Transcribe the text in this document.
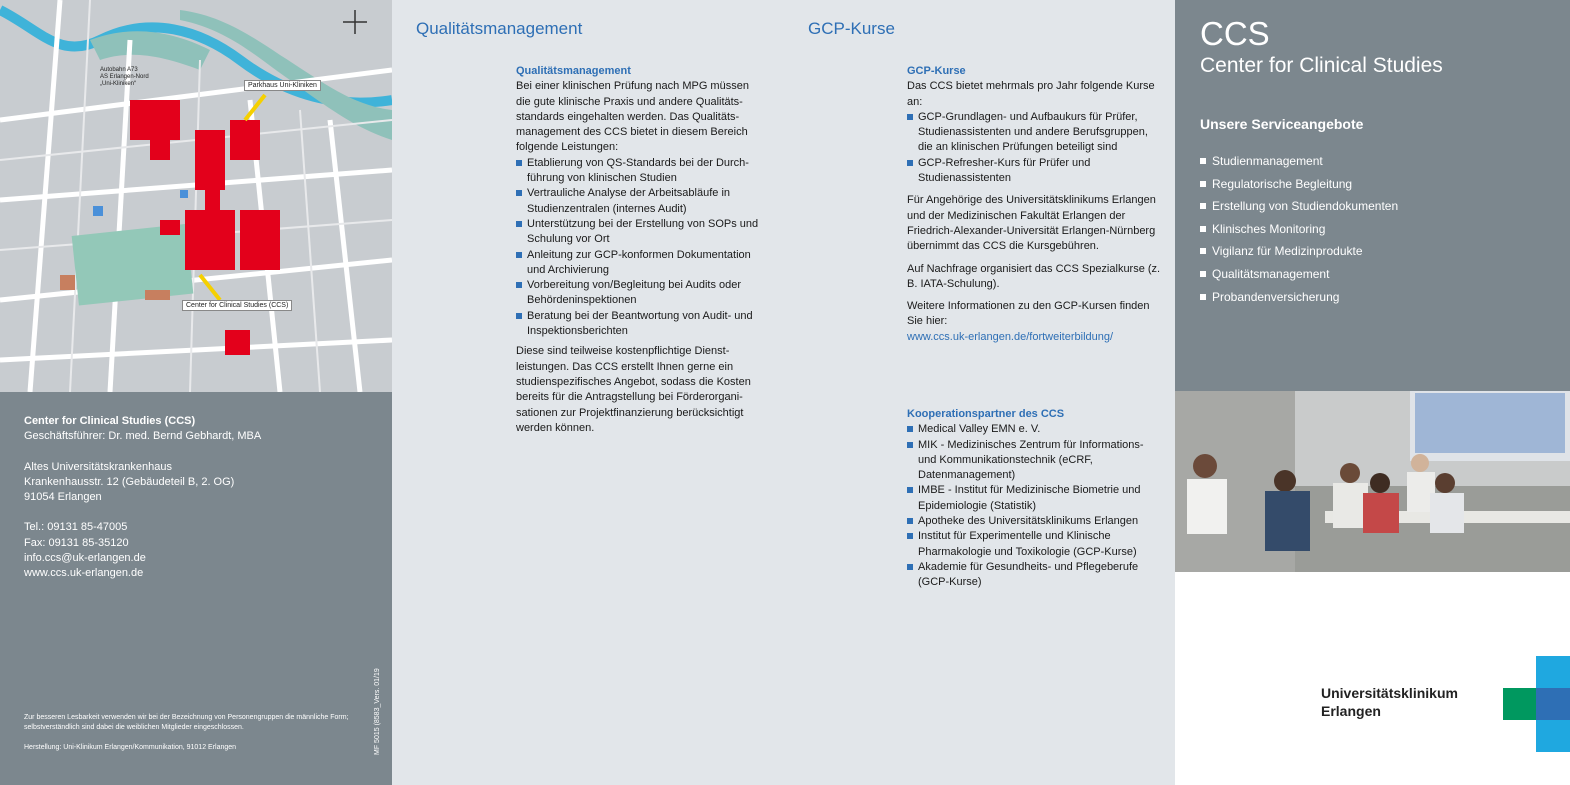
Autobahn A73
AS Erlangen-Nord
„Uni-Kliniken“	Parkhaus Uni-Kliniken
Center for Clinical Studies (CCS)
Center for Clinical Studies (CCS)
Geschäftsführer: Dr. med. Bernd Gebhardt, MBA
Altes Universitätskrankenhaus
Krankenhausstr. 12 (Gebäudeteil B, 2. OG)
91054 Erlangen
Tel.: 09131 85-47005
Fax: 09131 85-35120
info.ccs@uk-erlangen.de
www.ccs.uk-erlangen.de

Zur besseren Lesbarkeit verwenden wir bei der Bezeichnung von Personengruppen die männliche Form; selbstverständlich sind dabei die weiblichen Mitglieder eingeschlossen.

Herstellung: Uni-Klinikum Erlangen/Kommunikation, 91012 Erlangen	MF 5015 (8583_Vers. 01/19
Qualitätsmanagement
Qualitätsmanagement

Bei einer klinischen Prüfung nach MPG müssen die gute klinische Praxis und andere Qualitäts-standards eingehalten werden. Das Qualitäts-management des CCS bietet in diesem Bereich folgende Leistungen:

Etablierung von QS-Standards bei der Durch-führung von klinischen Studien
Vertrauliche Analyse der Arbeitsabläufe in Studienzentralen (internes Audit)
Unterstützung bei der Erstellung von SOPs und Schulung vor Ort
Anleitung zur GCP-konformen Dokumentation und Archivierung
Vorbereitung von/Begleitung bei Audits oder Behördeninspektionen
Beratung bei der Beantwortung von Audit- und Inspektionsberichten

Diese sind teilweise kostenpflichtige Dienst-leistungen. Das CCS erstellt Ihnen gerne ein studienspezifisches Angebot, sodass die Kosten bereits für die Antragstellung bei Förderorgani-sationen zur Projektfinanzierung berücksichtigt werden können.

GCP-Kurse
GCP-Kurse

Das CCS bietet mehrmals pro Jahr folgende Kurse an:

GCP-Grundlagen- und Aufbaukurs für Prüfer, Studienassistenten und andere Berufsgruppen, die an klinischen Prüfungen beteiligt sind
GCP-Refresher-Kurs für Prüfer und Studienassistenten

Für Angehörige des Universitätsklinikums Erlangen und der Medizinischen Fakultät Erlangen der Friedrich-Alexander-Universität Erlangen-Nürnberg übernimmt das CCS die Kursgebühren.

Auf Nachfrage organisiert das CCS Spezialkurse (z. B. IATA-Schulung).

Weitere Informationen zu den GCP-Kursen finden Sie hier:

www.ccs.uk-erlangen.de/fortweiterbildung/
Kooperationspartner des CCS
Medical Valley EMN e. V.
MIK - Medizinisches Zentrum für Informations- und Kommunikationstechnik (eCRF, Datenmanagement)
IMBE - Institut für Medizinische Biometrie und Epidemiologie (Statistik)
Apotheke des Universitätsklinikums Erlangen
Institut für Experimentelle und Klinische Pharmakologie und Toxikologie (GCP-Kurse)
Akademie für Gesundheits- und Pflegeberufe (GCP-Kurse)
CCS
Center for Clinical Studies
Unsere Serviceangebote
Studienmanagement
Regulatorische Begleitung
Erstellung von Studiendokumenten
Klinisches Monitoring
Vigilanz für Medizinprodukte
Qualitätsmanagement
Probandenversicherung
Universitätsklinikum
Erlangen
